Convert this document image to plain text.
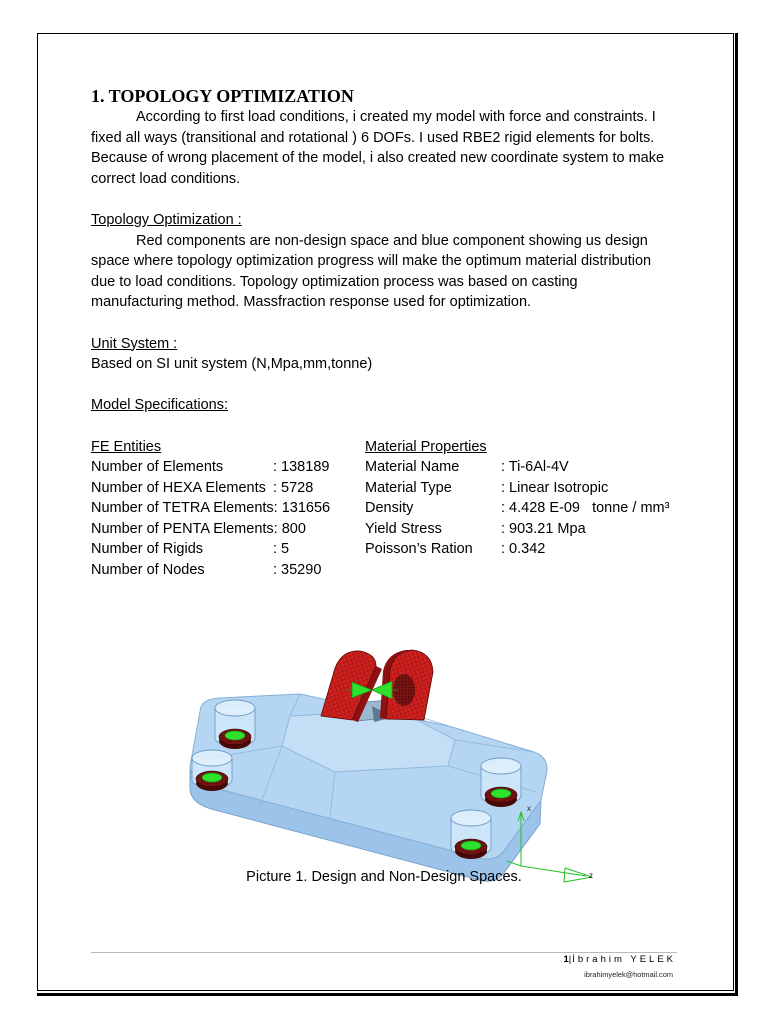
1. TOPOLOGY OPTIMIZATION
According to first load conditions, i created my model with force and constraints. I
fixed all ways (transitional and rotational ) 6 DOFs. I used RBE2 rigid elements for bolts.
Because of wrong placement of the model, i also created new coordinate system to make
correct load conditions.
Topology Optimization :
Red components are non-design space and blue component showing us design
space where topology optimization progress will make the optimum material distribution
due to load conditions. Topology optimization process was based on casting
manufacturing method. Massfraction response used for optimization.
Unit System :
Based on SI unit system (N,Mpa,mm,tonne)
Model Specifications:
FE Entities
Number of Elements	: 138189
Number of HEXA Elements : 5728
Number of TETRA Elements: 131656
Number of PENTA Elements: 800
Number of Rigids	: 5
Number of Nodes	: 35290
Material Properties
Material Name	: Ti-6Al-4V
Material Type	: Linear Isotropic
Density	: 4.428 E-09   tonne / mm³
Yield Stress	: 903.21 Mpa
Poisson’s Ration : 0.342
x
z
Picture 1. Design and Non-Design Spaces.
1|İbrahim YELEK
ibrahimyelek@hotmail.com
